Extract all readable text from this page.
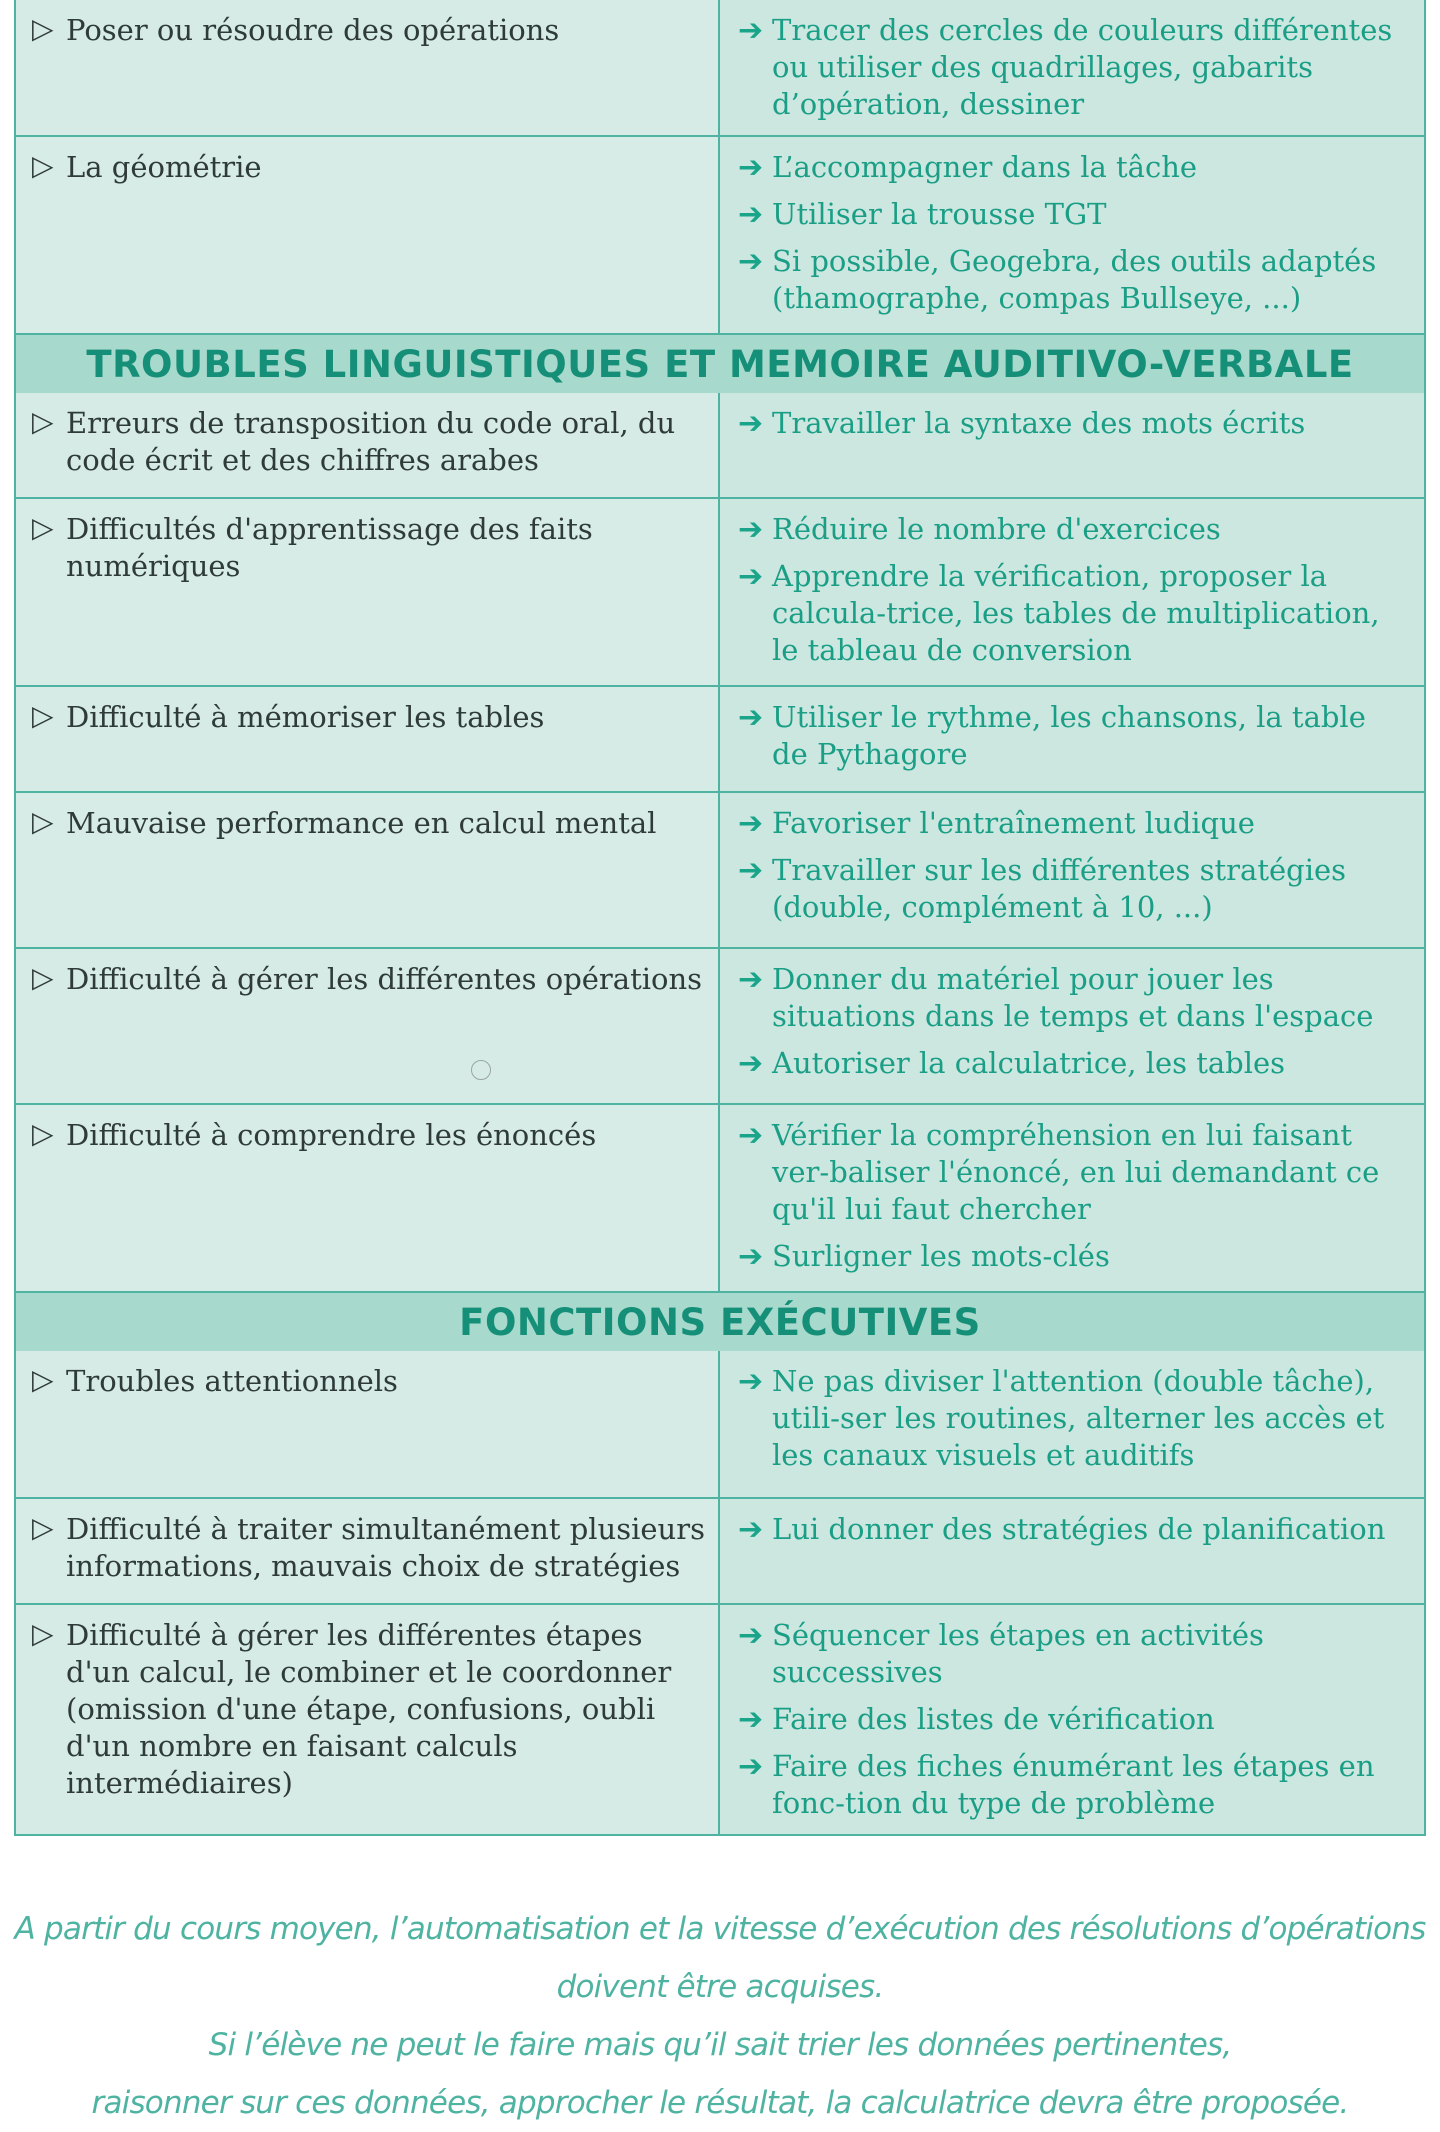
▷ Poser ou résoudre des opérations	➔ Tracer des cercles de couleurs différentes ou utiliser des quadrillages, gabarits d’opération, dessiner
▷ La géométrie	➔ L’accompagner dans la tâche
➔ Utiliser la trousse TGT
➔ Si possible, Geogebra, des outils adaptés (thamographe, compas Bullseye, ...)
TROUBLES LINGUISTIQUES ET MEMOIRE AUDITIVO-VERBALE
▷ Erreurs de transposition du code oral, du code écrit et des chiffres arabes
➔ Travailler la syntaxe des mots écrits
▷ Difficultés d'apprentissage des faits numériques
➔ Réduire le nombre d'exercices
➔ Apprendre la vérification, proposer la calcula-trice, les tables de multiplication, le tableau de conversion
▷ Difficulté à mémoriser les tables	➔ Utiliser le rythme, les chansons, la table de Pythagore
▷ Mauvaise performance en calcul mental	➔ Favoriser l'entraînement ludique
➔ Travailler sur les différentes stratégies (double, complément à 10, ...)
▷ Difficulté à gérer les différentes opérations ➔ Donner du matériel pour jouer les situations dans le temps et dans l'espace
➔ Autoriser la calculatrice, les tables
▷ Difficulté à comprendre les énoncés	➔ Vérifier la compréhension en lui faisant ver-baliser l'énoncé, en lui demandant ce qu'il lui faut chercher
➔ Surligner les mots-clés
FONCTIONS EXÉCUTIVES
▷ Troubles attentionnels	➔ Ne pas diviser l'attention (double tâche), utili-ser les routines, alterner les accès et les canaux visuels et auditifs
▷ Difficulté à traiter simultanément plusieurs informations, mauvais choix de stratégies
➔ Lui donner des stratégies de planification
▷ Difficulté à gérer les différentes étapes d'un calcul, le combiner et le coordonner (omission d'une étape, confusions, oubli d'un nombre en faisant calculs intermédiaires)
➔ Séquencer les étapes en activités successives
➔ Faire des listes de vérification
➔ Faire des fiches énumérant les étapes en fonc-tion du type de problème
A partir du cours moyen, l’automatisation et la vitesse d’exécution des résolutions d’opérations doivent être acquises.
Si l’élève ne peut le faire mais qu’il sait trier les données pertinentes,
raisonner sur ces données, approcher le résultat, la calculatrice devra être proposée.
